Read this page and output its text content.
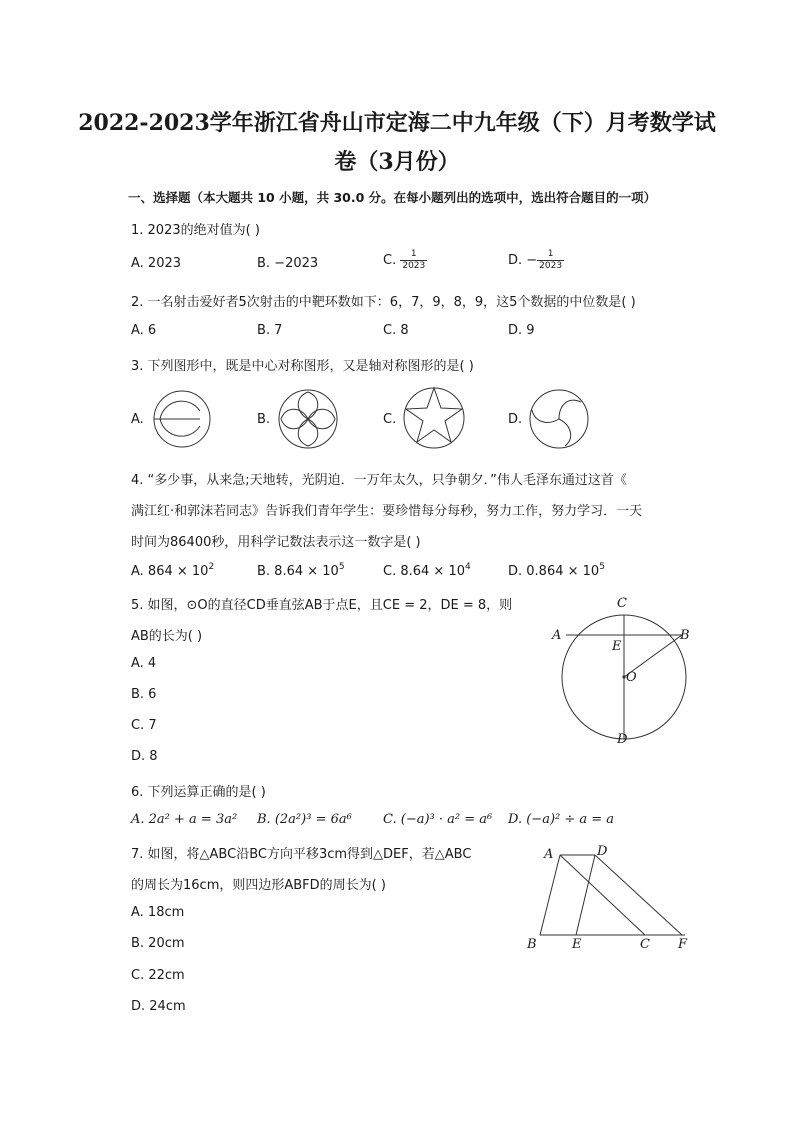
2022-2023学年浙江省舟山市定海二中九年级（下）月考数学试
卷（3月份）
一、选择题（本大题共 10 小题，共 30.0 分。在每小题列出的选项中，选出符合题目的一项）
1. 2023的绝对值为( )
A. 2023	B. −2023	C. $\frac{1}{2023}$	D. − $\frac{1}{2023}$
2. 一名射击爱好者5次射击的中靶环数如下：6，7，9，8，9，这5个数据的中位数是( )
A. 6	B. 7	C. 8	D. 9
3. 下列图形中，既是中心对称图形，又是轴对称图形的是( )
A.	B.	C.	D.
4. “多少事，从来急;天地转，光阴迫．一万年太久，只争朝夕．”伟人毛泽东通过这首《
满江红·和郭沫若同志》告诉我们青年学生：要珍惜每分每秒，努力工作，努力学习．一天
时间为86400秒，用科学记数法表示这一数字是( )
A. $864 \times 10^2$	B. $8.64 \times 10^5$	C. $8.64 \times 10^4$	D. $0.864 \times 10^5$
5. 如图，⊙O的直径CD垂直弦AB于点E，且CE = 2，DE = 8，则
AB的长为( )
A. 4
B. 6
C. 7
D. 8
C
A	B
E
O
D
6. 下列运算正确的是( )
A. 2a² + a = 3a² B. (2a²)³ = 6a⁶ C. (−a)³ · a² = a⁶ D. (−a)² ÷ a = a
7. 如图，将△ABC沿BC方向平移3cm得到△DEF，若△ABC
的周长为16cm，则四边形ABFD的周长为( )
A. 18cm
B. 20cm
C. 22cm
D. 24cm
A	D
B	E	C F
